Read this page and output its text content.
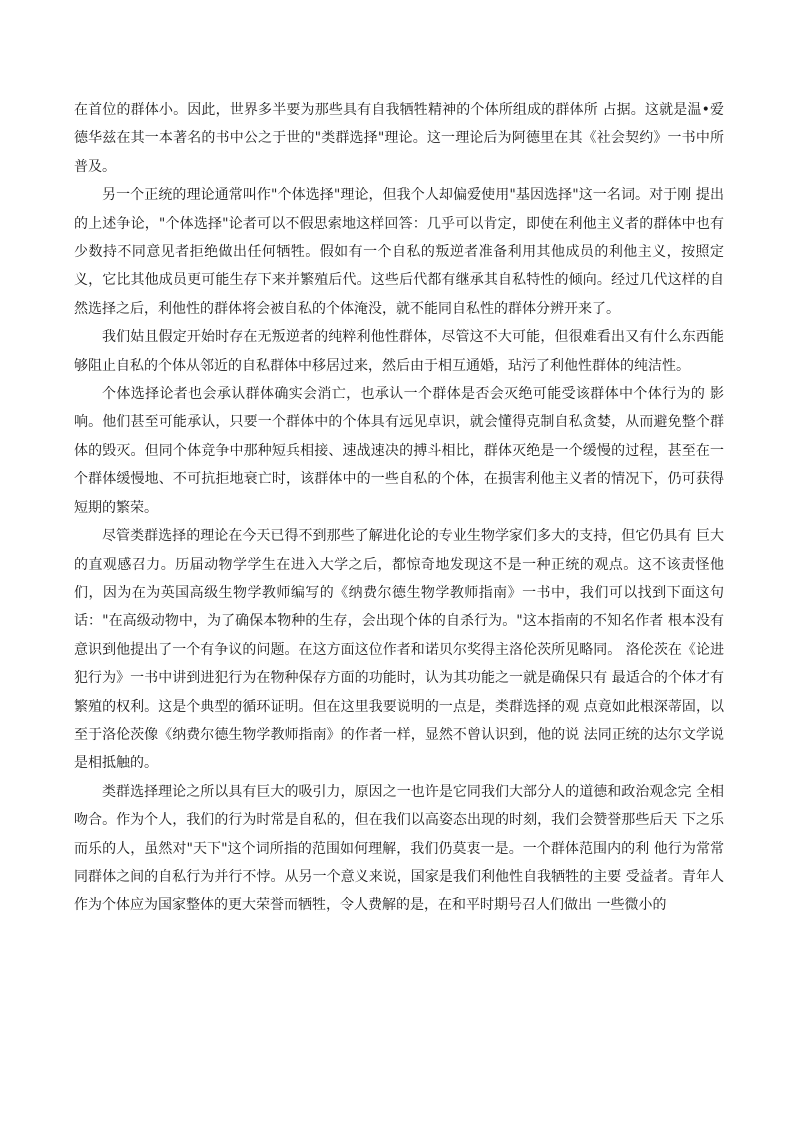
在首位的群体小。因此，世界多半要为那些具有自我牺牲精神的个体所组成的群体所 占据。这就是温•爱德华兹在其一本著名的书中公之于世的"类群选择"理论。这一理论后为阿德里在其《社会契约》一书中所普及。

另一个正统的理论通常叫作"个体选择"理论，但我个人却偏爱使用"基因选择"这一名词。对于刚 提出的上述争论，"个体选择"论者可以不假思索地这样回答：几乎可以肯定，即使在利他主义者的群体中也有少数持不同意见者拒绝做出任何牺牲。假如有一个自私的叛逆者准备利用其他成员的利他主义，按照定义，它比其他成员更可能生存下来并繁殖后代。这些后代都有继承其自私特性的倾向。经过几代这样的自然选择之后，利他性的群体将会被自私的个体淹没，就不能同自私性的群体分辨开来了。

我们姑且假定开始时存在无叛逆者的纯粹利他性群体，尽管这不大可能，但很难看出又有什么东西能够阻止自私的个体从邻近的自私群体中移居过来，然后由于相互通婚，玷污了利他性群体的纯洁性。

个体选择论者也会承认群体确实会消亡，也承认一个群体是否会灭绝可能受该群体中个体行为的 影响。他们甚至可能承认，只要一个群体中的个体具有远见卓识，就会懂得克制自私贪婪，从而避免整个群体的毁灭。但同个体竞争中那种短兵相接、速战速决的搏斗相比，群体灭绝是一个缓慢的过程，甚至在一个群体缓慢地、不可抗拒地衰亡时，该群体中的一些自私的个体，在损害利他主义者的情况下，仍可获得短期的繁荣。

尽管类群选择的理论在今天已得不到那些了解进化论的专业生物学家们多大的支持，但它仍具有 巨大的直观感召力。历届动物学学生在进入大学之后，都惊奇地发现这不是一种正统的观点。这不该责怪他们，因为在为英国高级生物学教师编写的《纳费尔德生物学教师指南》一书中，我们可以找到下面这句话："在高级动物中，为了确保本物种的生存，会出现个体的自杀行为。"这本指南的不知名作者 根本没有意识到他提出了一个有争议的问题。在这方面这位作者和诺贝尔奖得主洛伦茨所见略同。 洛伦茨在《论进犯行为》一书中讲到进犯行为在物种保存方面的功能时，认为其功能之一就是确保只有 最适合的个体才有繁殖的权利。这是个典型的循环证明。但在这里我要说明的一点是，类群选择的观 点竟如此根深蒂固，以至于洛伦茨像《纳费尔德生物学教师指南》的作者一样，显然不曾认识到，他的说 法同正统的达尔文学说是相抵触的。

类群选择理论之所以具有巨大的吸引力，原因之一也许是它同我们大部分人的道德和政治观念完 全相吻合。作为个人，我们的行为时常是自私的，但在我们以高姿态出现的时刻，我们会赞誉那些后天 下之乐而乐的人，虽然对"天下"这个词所指的范围如何理解，我们仍莫衷一是。一个群体范围内的利 他行为常常同群体之间的自私行为并行不悖。从另一个意义来说，国家是我们利他性自我牺牲的主要 受益者。青年人作为个体应为国家整体的更大荣誉而牺牲，令人费解的是，在和平时期号召人们做出 一些微小的
